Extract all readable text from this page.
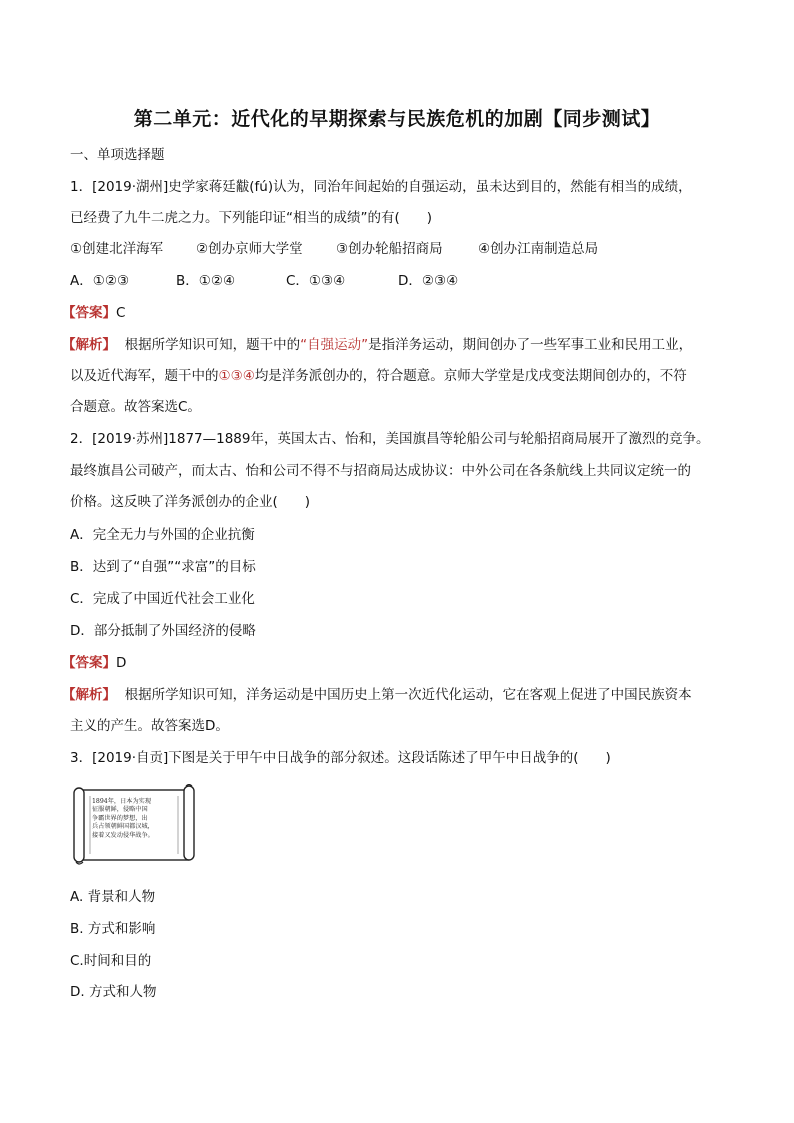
第二单元：近代化的早期探索与民族危机的加剧【同步测试】
一、单项选择题
1．[2019·湖州]史学家蒋廷黻(fú)认为，同治年间起始的自强运动，虽未达到目的，然能有相当的成绩，
已经费了九牛二虎之力。下列能印证“相当的成绩”的有(　　)
①创建北洋海军 ②创办京师大学堂 ③创办轮船招商局	④创办江南制造总局
A．①②③	B．①②④	C．①③④	D．②③④
【答案】C
【解析】 根据所学知识可知，题干中的“自强运动”是指洋务运动，期间创办了一些军事工业和民用工业，
以及近代海军，题干中的①③④均是洋务派创办的，符合题意。京师大学堂是戊戌变法期间创办的，不符
合题意。故答案选C。
2．[2019·苏州]1877—1889年，英国太古、怡和，美国旗昌等轮船公司与轮船招商局展开了激烈的竞争。
最终旗昌公司破产，而太古、怡和公司不得不与招商局达成协议：中外公司在各条航线上共同议定统一的
价格。这反映了洋务派创办的企业(　　)
A．完全无力与外国的企业抗衡
B．达到了“自强”“求富”的目标
C．完成了中国近代社会工业化
D．部分抵制了外国经济的侵略
【答案】D
【解析】 根据所学知识可知，洋务运动是中国历史上第一次近代化运动，它在客观上促进了中国民族资本
主义的产生。故答案选D。
3．[2019·自贡]下图是关于甲午中日战争的部分叙述。这段话陈述了甲午中日战争的(　　)
1894年，日本为实现
征服朝鲜，侵略中国
争霸世界的梦想，出
兵占领朝鲜国都汉城，
接着又发动侵华战争。
A. 背景和人物
B. 方式和影响
C.时间和目的
D. 方式和人物
